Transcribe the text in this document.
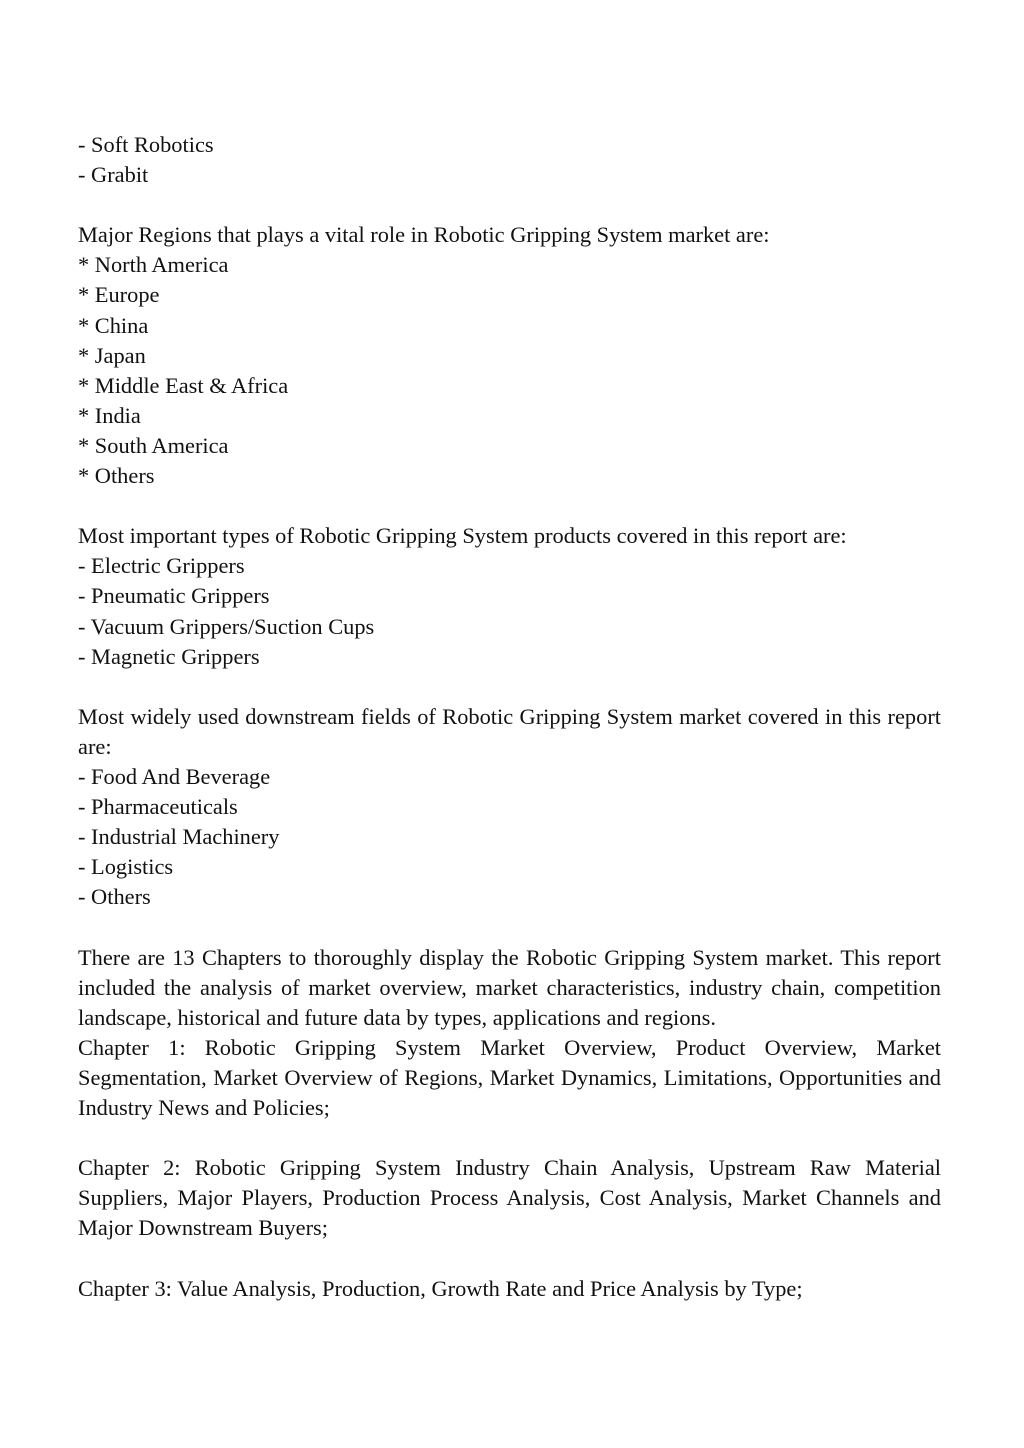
- Soft Robotics
- Grabit
Major Regions that plays a vital role in Robotic Gripping System market are:
* North America
* Europe
* China
* Japan
* Middle East & Africa
* India
* South America
* Others
Most important types of Robotic Gripping System products covered in this report are:
- Electric Grippers
- Pneumatic Grippers
- Vacuum Grippers/Suction Cups
- Magnetic Grippers

Most widely used downstream fields of Robotic Gripping System market covered in this report are:

- Food And Beverage
- Pharmaceuticals
- Industrial Machinery
- Logistics
- Others

There are 13 Chapters to thoroughly display the Robotic Gripping System market. This report included the analysis of market overview, market characteristics, industry chain, competition landscape, historical and future data by types, applications and regions.

Chapter 1: Robotic Gripping System Market Overview, Product Overview, Market Segmentation, Market Overview of Regions, Market Dynamics, Limitations, Opportunities and Industry News and Policies;

Chapter 2: Robotic Gripping System Industry Chain Analysis, Upstream Raw Material Suppliers, Major Players, Production Process Analysis, Cost Analysis, Market Channels and Major Downstream Buyers;

Chapter 3: Value Analysis, Production, Growth Rate and Price Analysis by Type;
